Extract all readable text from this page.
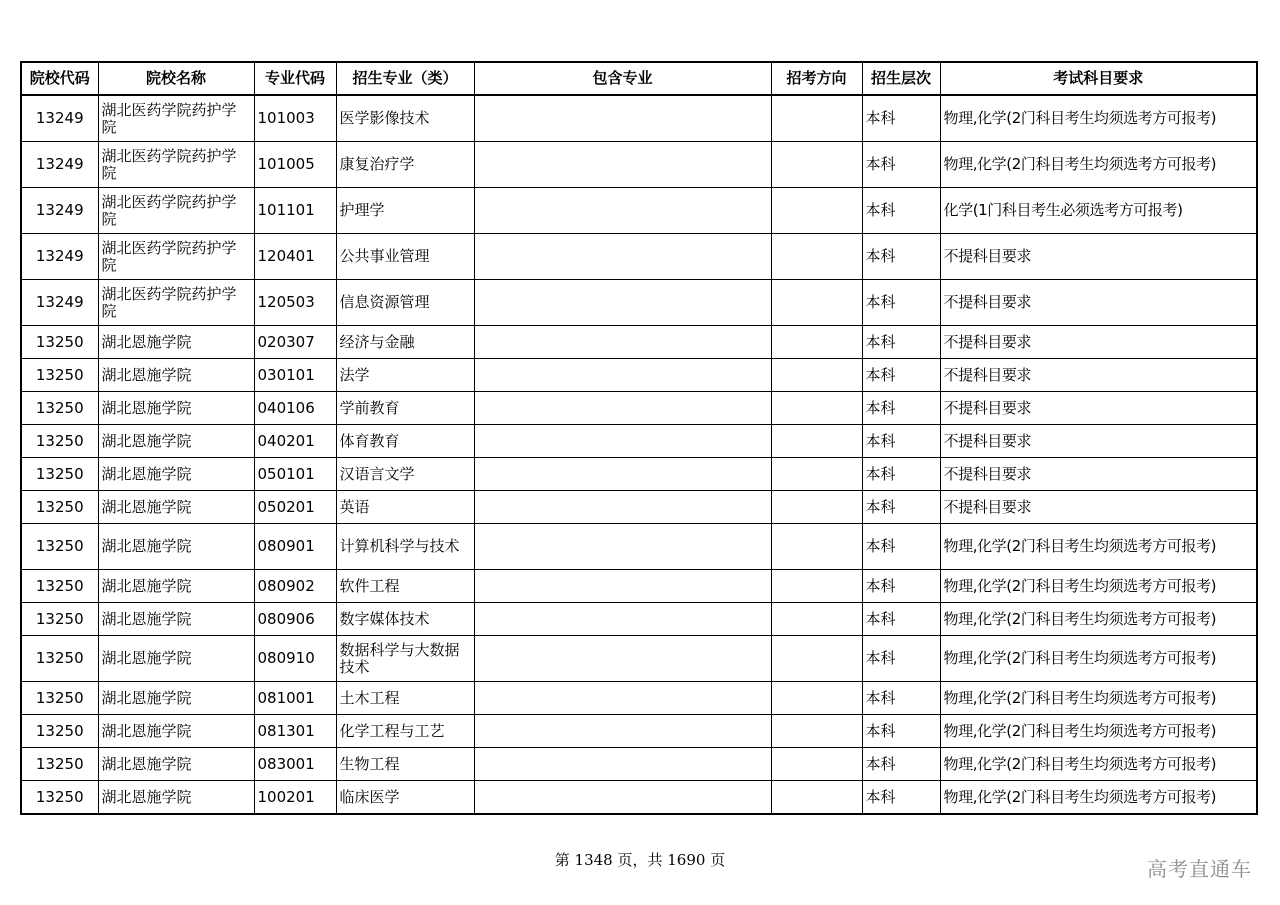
院校代码	院校名称	专业代码	招生专业（类）	包含专业	招考方向	招生层次	考试科目要求
13249	湖北医药学院药护学院	101003	医学影像技术			本科	物理,化学(2门科目考生均须选考方可报考)
13249	湖北医药学院药护学院	101005	康复治疗学			本科	物理,化学(2门科目考生均须选考方可报考)
13249	湖北医药学院药护学院	101101	护理学			本科	化学(1门科目考生必须选考方可报考)
13249	湖北医药学院药护学院	120401	公共事业管理			本科	不提科目要求
13249	湖北医药学院药护学院	120503	信息资源管理			本科	不提科目要求
13250	湖北恩施学院	020307	经济与金融			本科	不提科目要求
13250	湖北恩施学院	030101	法学			本科	不提科目要求
13250	湖北恩施学院	040106	学前教育			本科	不提科目要求
13250	湖北恩施学院	040201	体育教育			本科	不提科目要求
13250	湖北恩施学院	050101	汉语言文学			本科	不提科目要求
13250	湖北恩施学院	050201	英语			本科	不提科目要求
13250	湖北恩施学院	080901	计算机科学与技术			本科	物理,化学(2门科目考生均须选考方可报考)
13250	湖北恩施学院	080902	软件工程			本科	物理,化学(2门科目考生均须选考方可报考)
13250	湖北恩施学院	080906	数字媒体技术			本科	物理,化学(2门科目考生均须选考方可报考)
13250	湖北恩施学院	080910	数据科学与大数据技术			本科	物理,化学(2门科目考生均须选考方可报考)
13250	湖北恩施学院	081001	土木工程			本科	物理,化学(2门科目考生均须选考方可报考)
13250	湖北恩施学院	081301	化学工程与工艺			本科	物理,化学(2门科目考生均须选考方可报考)
13250	湖北恩施学院	083001	生物工程			本科	物理,化学(2门科目考生均须选考方可报考)
13250	湖北恩施学院	100201	临床医学			本科	物理,化学(2门科目考生均须选考方可报考)
第 1348 页，共 1690 页	高考直通车
